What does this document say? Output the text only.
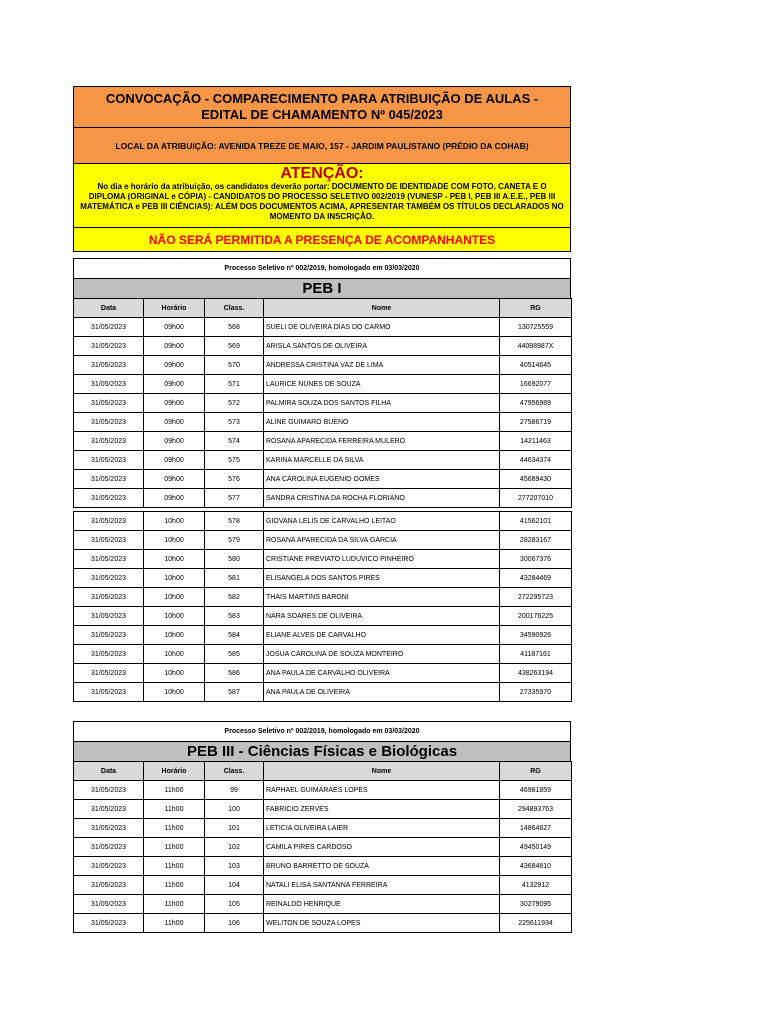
CONVOCAÇÃO - COMPARECIMENTO PARA ATRIBUIÇÃO DE AULAS -
EDITAL DE CHAMAMENTO Nº 045/2023
LOCAL DA ATRIBUIÇÃO: AVENIDA TREZE DE MAIO, 157 - JARDIM PAULISTANO (PRÉDIO DA COHAB)
ATENÇÃO:
No dia e horário da atribuição, os candidatos deverão portar: DOCUMENTO DE IDENTIDADE COM FOTO, CANETA E O DIPLOMA (ORIGINAL e CÓPIA) - CANDIDATOS DO PROCESSO SELETIVO 002/2019 (VUNESP - PEB I, PEB III A.E.E., PEB III MATEMÁTICA e PEB III CIÊNCIAS): ALÉM DOS DOCUMENTOS ACIMA, APRESENTAR TAMBÉM OS TÍTULOS DECLARADOS NO MOMENTO DA INSCRIÇÃO.
NÃO SERÁ PERMITIDA A PRESENÇA DE ACOMPANHANTES
Processo Seletivo nº 002/2019, homologado em 03/03/2020
PEB I
Data	Horário	Class.	Nome	RG
31/05/2023	09h00	568	SUELI DE OLIVEIRA DIAS DO CARMO	130725559
31/05/2023	09h00	569	ARISLA SANTOS DE OLIVEIRA	44088987X
31/05/2023	09h00	570	ANDRESSA CRISTINA VAZ DE LIMA	40514645
31/05/2023	09h00	571	LAURICE NUNES DE SOUZA	16692077
31/05/2023	09h00	572	PALMIRA SOUZA DOS SANTOS FILHA	47956989
31/05/2023	09h00	573	ALINE GUIMARO BUENO	27586719
31/05/2023	09h00	574	ROSANA APARECIDA FERREIRA MULERO	14211463
31/05/2023	09h00	575	KARINA MARCELLE DA SILVA	44634374
31/05/2023	09h00	576	ANA CAROLINA EUGENIO GOMES	45689430
31/05/2023	09h00	577	SANDRA CRISTINA DA ROCHA FLORIANO	277207010

31/05/2023	10h00	578	GIOVANA LELIS DE CARVALHO LEITAO	41562101
31/05/2023	10h00	579	ROSANA APARECIDA DA SILVA GARCIA	28283167
31/05/2023	10h00	580	CRISTIANE PREVIATO LUDUVICO PINHEIRO	30067376
31/05/2023	10h00	581	ELISANGELA DOS SANTOS PIRES	43284469
31/05/2023	10h00	582	THAIS MARTINS BARONI	272295723
31/05/2023	10h00	583	NARA SOARES DE OLIVEIRA	200176225
31/05/2023	10h00	584	ELIANE ALVES DE CARVALHO	34590926
31/05/2023	10h00	585	JOSUA CAROLINA DE SOUZA MONTEIRO	41187161
31/05/2023	10h00	586	ANA PAULA DE CARVALHO OLIVEIRA	438263194
31/05/2023	10h00	587	ANA PAULA DE OLIVEIRA	27335970
Processo Seletivo nº 002/2019, homologado em 03/03/2020
PEB III - Ciências Físicas e Biológicas
Data	Horário	Class.	Nome	RG
31/05/2023	11h00	99	RAPHAEL GUIMARAES LOPES	46981859
31/05/2023	11h00	100	FABRICIO ZERVES	294893763
31/05/2023	11h00	101	LETICIA OLIVEIRA LAIER	14864827
31/05/2023	11h00	102	CAMILA PIRES CARDOSO	49450149
31/05/2023	11h00	103	BRUNO BARRETTO DE SOUZA	43684810
31/05/2023	11h00	104	NATALI ELISA SANTANNA FERREIRA	4132912
31/05/2023	11h00	105	REINALDO HENRIQUE	30279095
31/05/2023	11h00	106	WELITON DE SOUZA LOPES	225611934
